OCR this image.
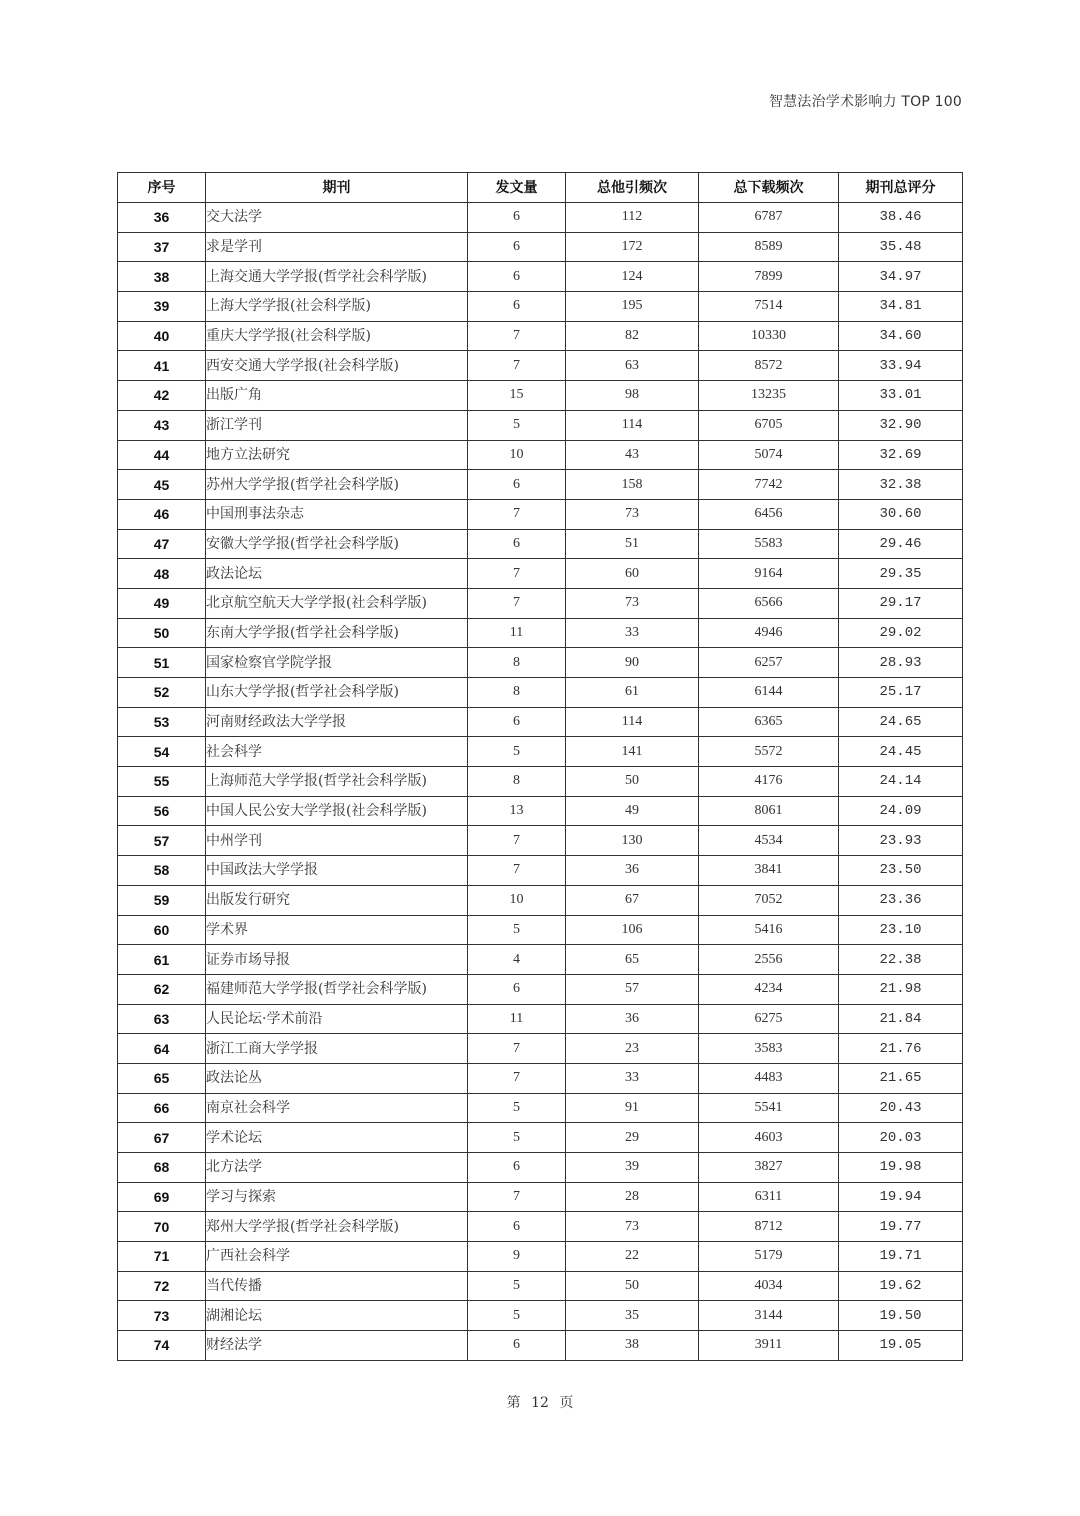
智慧法治学术影响力 TOP 100
序号	期刊	发文量	总他引频次	总下载频次	期刊总评分
36	交大法学	6	112	6787	38.46
37	求是学刊	6	172	8589	35.48
38	上海交通大学学报(哲学社会科学版)	6	124	7899	34.97
39	上海大学学报(社会科学版)	6	195	7514	34.81
40	重庆大学学报(社会科学版)	7	82	10330	34.60
41	西安交通大学学报(社会科学版)	7	63	8572	33.94
42	出版广角	15	98	13235	33.01
43	浙江学刊	5	114	6705	32.90
44	地方立法研究	10	43	5074	32.69
45	苏州大学学报(哲学社会科学版)	6	158	7742	32.38
46	中国刑事法杂志	7	73	6456	30.60
47	安徽大学学报(哲学社会科学版)	6	51	5583	29.46
48	政法论坛	7	60	9164	29.35
49	北京航空航天大学学报(社会科学版)	7	73	6566	29.17
50	东南大学学报(哲学社会科学版)	11	33	4946	29.02
51	国家检察官学院学报	8	90	6257	28.93
52	山东大学学报(哲学社会科学版)	8	61	6144	25.17
53	河南财经政法大学学报	6	114	6365	24.65
54	社会科学	5	141	5572	24.45
55	上海师范大学学报(哲学社会科学版)	8	50	4176	24.14
56	中国人民公安大学学报(社会科学版)	13	49	8061	24.09
57	中州学刊	7	130	4534	23.93
58	中国政法大学学报	7	36	3841	23.50
59	出版发行研究	10	67	7052	23.36
60	学术界	5	106	5416	23.10
61	证券市场导报	4	65	2556	22.38
62	福建师范大学学报(哲学社会科学版)	6	57	4234	21.98
63	人民论坛·学术前沿	11	36	6275	21.84
64	浙江工商大学学报	7	23	3583	21.76
65	政法论丛	7	33	4483	21.65
66	南京社会科学	5	91	5541	20.43
67	学术论坛	5	29	4603	20.03
68	北方法学	6	39	3827	19.98
69	学习与探索	7	28	6311	19.94
70	郑州大学学报(哲学社会科学版)	6	73	8712	19.77
71	广西社会科学	9	22	5179	19.71
72	当代传播	5	50	4034	19.62
73	湖湘论坛	5	35	3144	19.50
74	财经法学	6	38	3911	19.05
第 12 页
